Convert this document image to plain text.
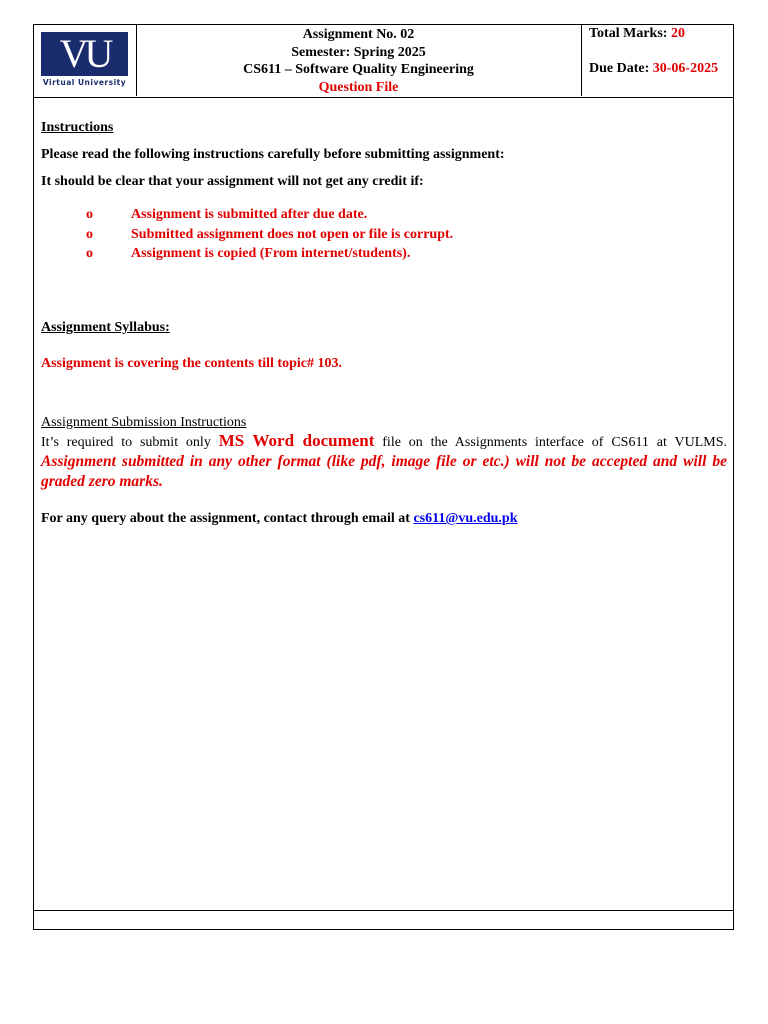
VU
Virtual University
Assignment No. 02
Semester: Spring 2025
CS611 – Software Quality Engineering
Question File
Total Marks: 20
Due Date: 30-06-2025
Instructions
Please read the following instructions carefully before submitting assignment:
It should be clear that your assignment will not get any credit if:
o	Assignment is submitted after due date.
o	Submitted assignment does not open or file is corrupt.
o	Assignment is copied (From internet/students).
Assignment Syllabus:
Assignment is covering the contents till topic# 103.
Assignment Submission Instructions
It’s required to submit only MS Word document file on the Assignments interface of CS611 at VULMS. Assignment submitted in any other format (like pdf, image file or etc.) will not be accepted and will be graded zero marks.
For any query about the assignment, contact through email at cs611@vu.edu.pk
